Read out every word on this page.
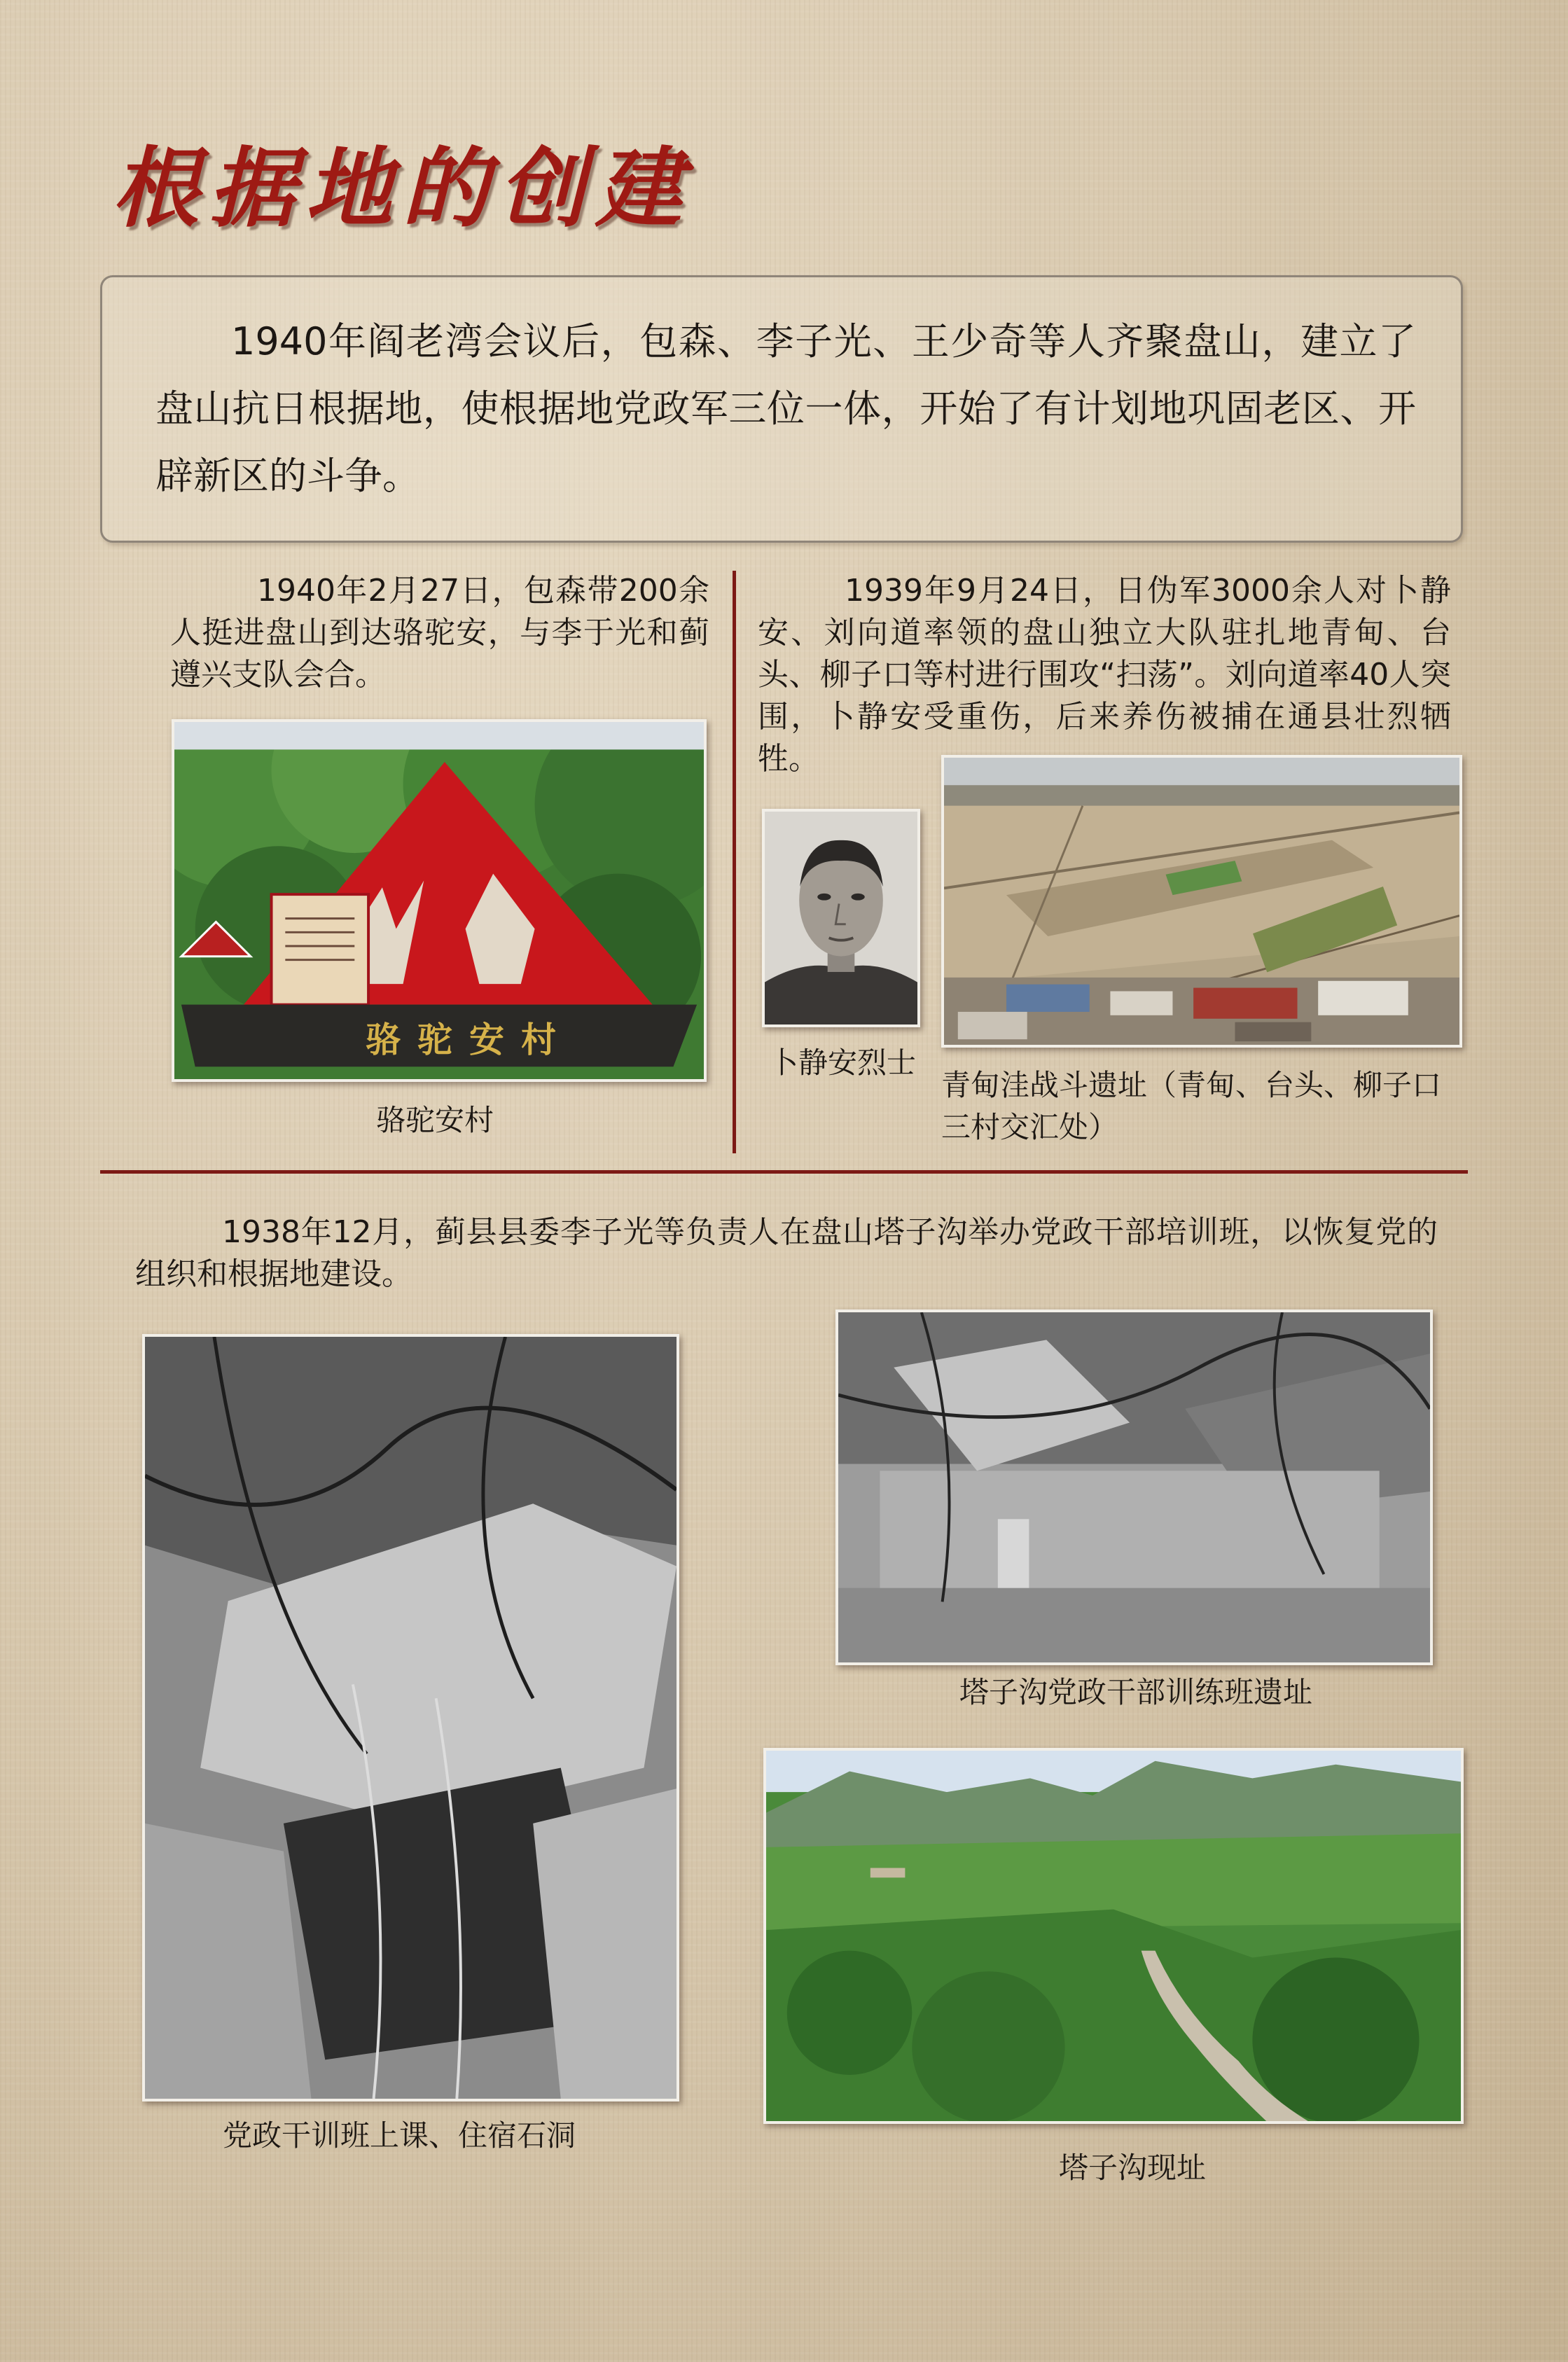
根据地的创建
1940年阎老湾会议后，包森、李子光、王少奇等人齐聚盘山，建立了盘山抗日根据地，使根据地党政军三位一体，开始了有计划地巩固老区、开辟新区的斗争。
1940年2月27日，包森带200余人挺进盘山到达骆驼安，与李于光和蓟遵兴支队会合。
1939年9月24日，日伪军3000余人对卜静安、刘向道率领的盘山独立大队驻扎地青甸、台头、柳子口等村进行围攻“扫荡”。刘向道率40人突围，卜静安受重伤，后来养伤被捕在通县壮烈牺牲。
骆驼安村
骆驼安村
卜静安烈士
青甸洼战斗遗址（青甸、台头、柳子口三村交汇处）
1938年12月，蓟县县委李子光等负责人在盘山塔子沟举办党政干部培训班，以恢复党的组织和根据地建设。
党政干训班上课、住宿石洞
塔子沟党政干部训练班遗址
塔子沟现址
